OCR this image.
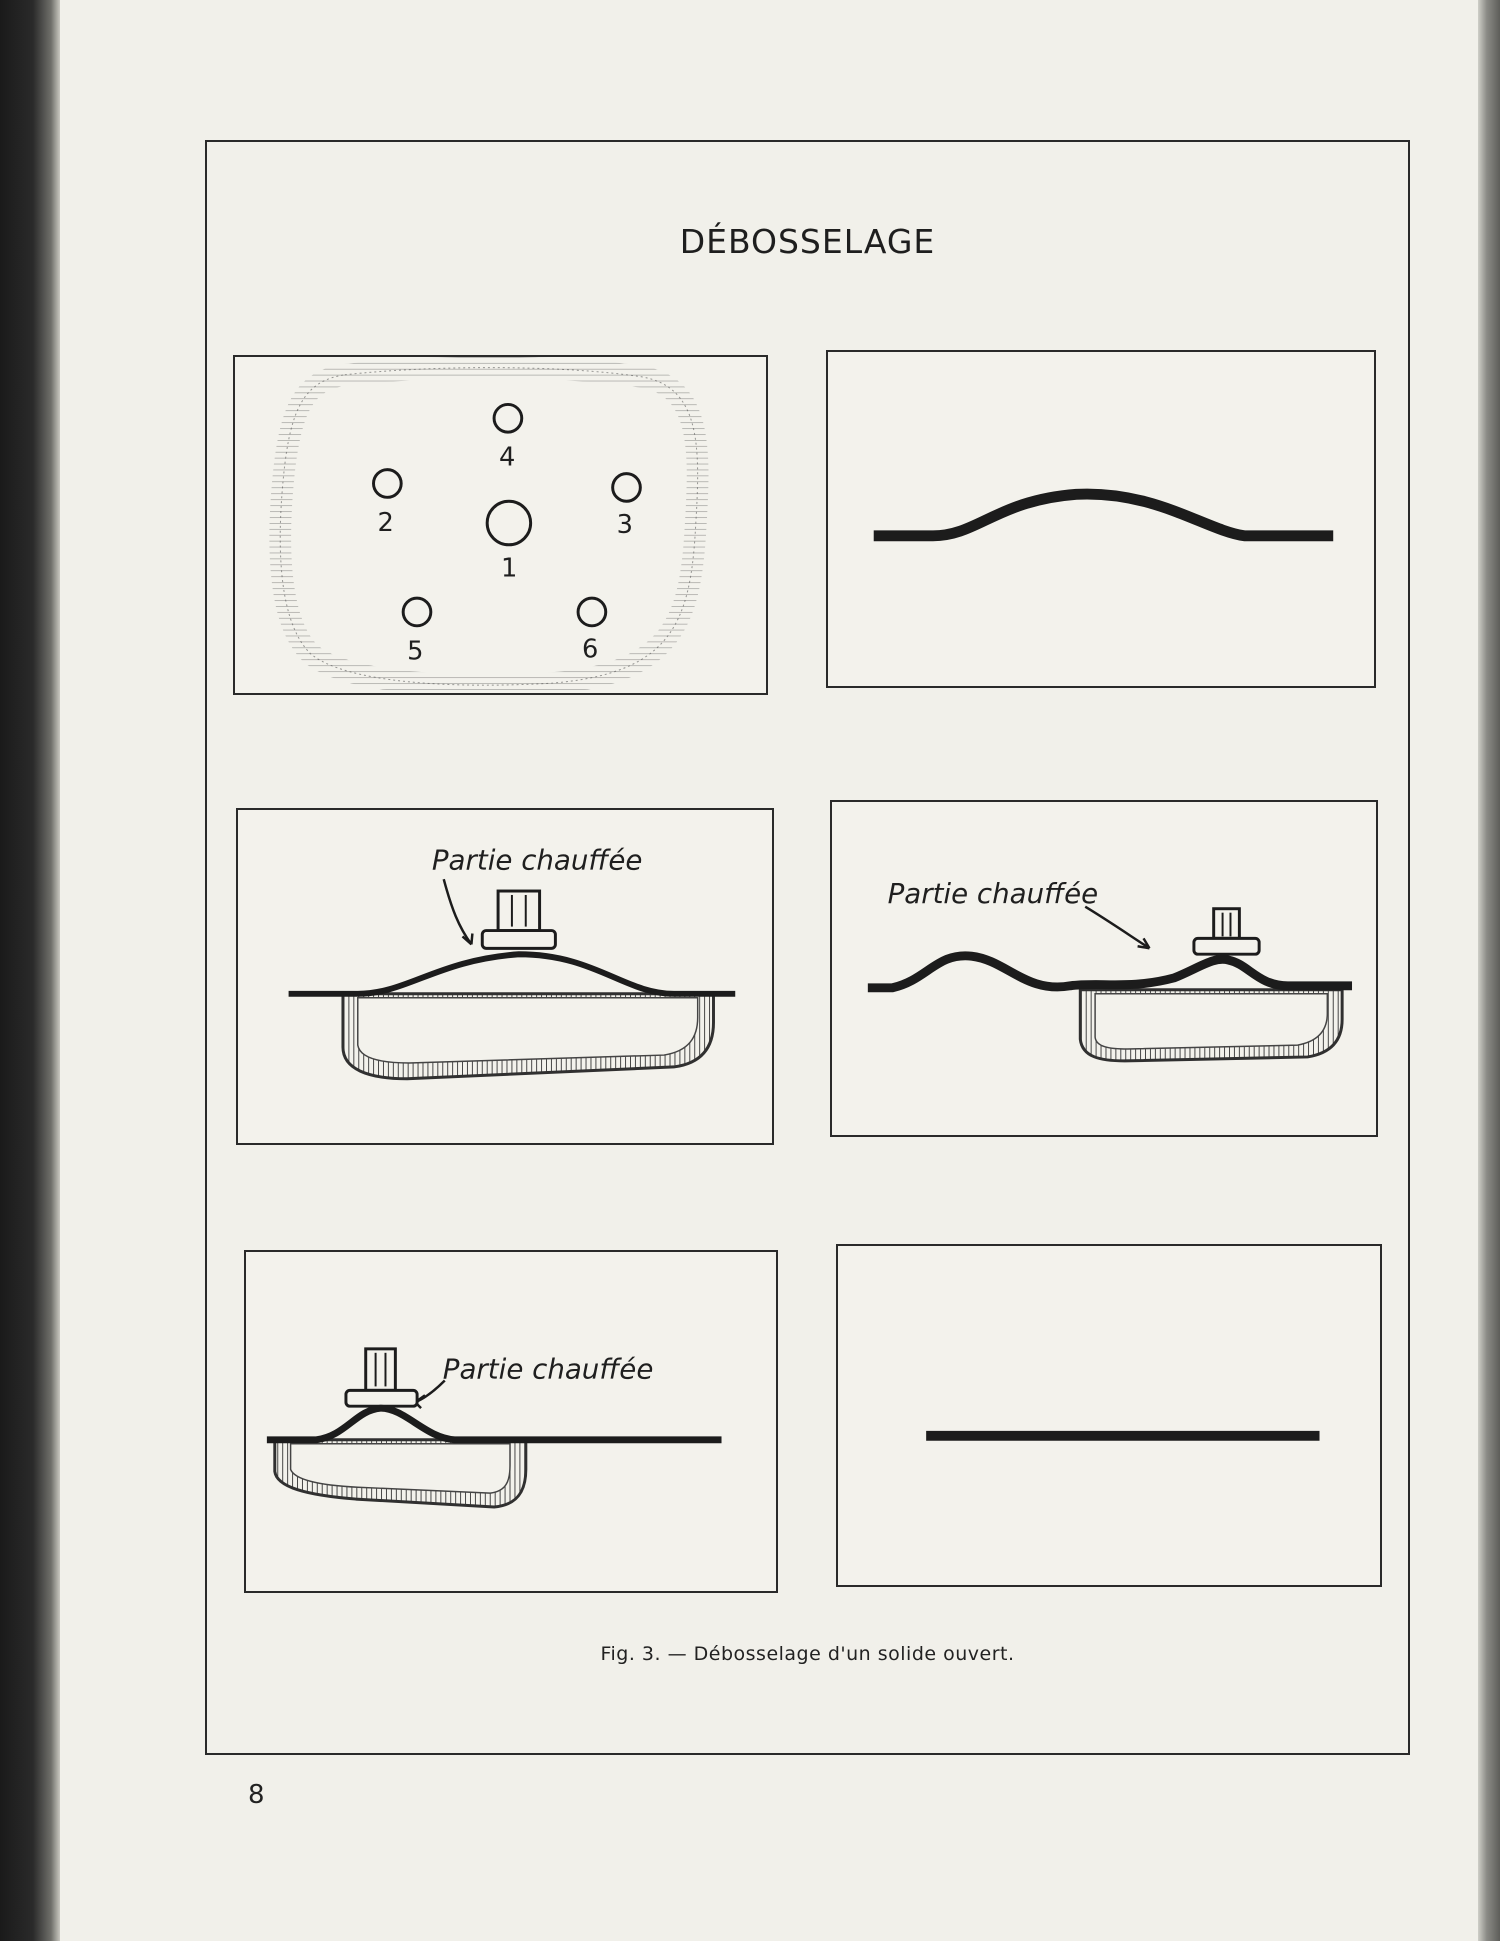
DÉBOSSELAGE
1
2	3
4
5	6
Partie chauffée
Partie chauffée
Partie chauffée
Fig. 3. — Débosselage d'un solide ouvert.
8
